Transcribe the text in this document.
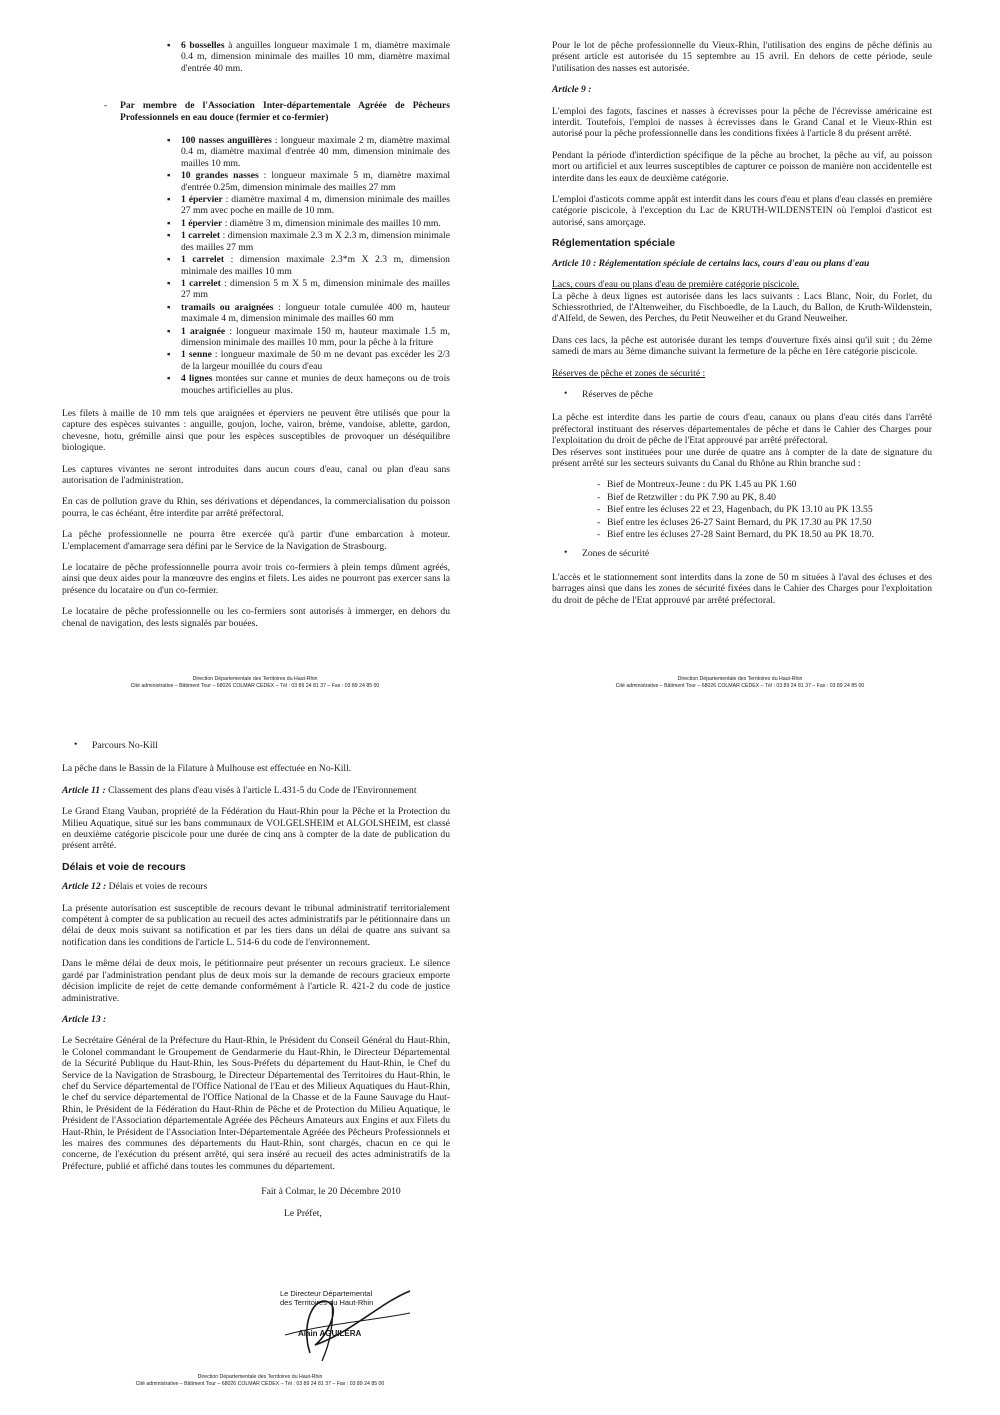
▪ 6 bosselles à anguilles longueur maximale 1 m, diamètre maximale 0.4 m, dimension minimale des mailles 10 mm, diamètre maximal d'entrée 40 mm.
- Par membre de l'Association Inter-départementale Agréée de Pêcheurs Professionnels en eau douce (fermier et co-fermier)
▪ 100 nasses anguillères : longueur maximale 2 m, diamètre maximal 0.4 m, diamètre maximal d'entrée 40 mm, dimension minimale des mailles 10 mm.
▪ 10 grandes nasses : longueur maximale 5 m, diamètre maximal d'entrée 0.25m, dimension minimale des mailles 27 mm
▪ 1 épervier : diamètre maximal 4 m, dimension minimale des mailles 27 mm avec poche en maille de 10 mm.
▪ 1 épervier : diamètre 3 m, dimension minimale des mailles 10 mm.
▪ 1 carrelet : dimension maximale 2.3 m X 2.3 m, dimension minimale des mailles 27 mm
▪ 1 carrelet : dimension maximale 2.3*m X 2.3 m, dimension minimale des mailles 10 mm
▪ 1 carrelet : dimension 5 m X 5 m, dimension minimale des mailles 27 mm
▪ tramails ou araignées : longueur totale cumulée 400 m, hauteur maximale 4 m, dimension minimale des mailles 60 mm
▪ 1 araignée : longueur maximale 150 m, hauteur maximale 1.5 m, dimension minimale des mailles 10 mm, pour la pêche à la friture
▪ 1 senne : longueur maximale de 50 m ne devant pas excéder les 2/3 de la largeur mouillée du cours d'eau
▪ 4 lignes montées sur canne et munies de deux hameçons ou de trois mouches artificielles au plus.

Les filets à maille de 10 mm tels que araignées et éperviers ne peuvent être utilisés que pour la capture des espèces suivantes : anguille, goujon, loche, vairon, brème, vandoise, ablette, gardon, chevesne, hotu, grémille ainsi que pour les espèces susceptibles de provoquer un déséquilibre biologique.

Les captures vivantes ne seront introduites dans aucun cours d'eau, canal ou plan d'eau sans autorisation de l'administration.

En cas de pollution grave du Rhin, ses dérivations et dépendances, la commercialisation du poisson pourra, le cas échéant, être interdite par arrêté préfectoral.

La pêche professionnelle ne pourra être exercée qu'à partir d'une embarcation à moteur. L'emplacement d'amarrage sera défini par le Service de la Navigation de Strasbourg.

Le locataire de pêche professionnelle pourra avoir trois co-fermiers à plein temps dûment agréés, ainsi que deux aides pour la manœuvre des engins et filets. Les aides ne pourront pas exercer sans la présence du locataire ou d'un co-fermier.

Le locataire de pêche professionnelle ou les co-fermiers sont autorisés à immerger, en dehors du chenal de navigation, des lests signalés par bouées.

Direction Départementale des Territoires du Haut-Rhin
Cité administrative – Bâtiment Tour – 68026 COLMAR CEDEX – Tél : 03 89 24 81 37 – Fax : 03 89 24 85 00

Pour le lot de pêche professionnelle du Vieux-Rhin, l'utilisation des engins de pêche définis au présent article est autorisée du 15 septembre au 15 avril. En dehors de cette période, seule l'utilisation des nasses est autorisée.

Article 9 :

L'emploi des fagots, fascines et nasses à écrevisses pour la pêche de l'écrevisse américaine est interdit. Toutefois, l'emploi de nasses à écrevisses dans le Grand Canal et le Vieux-Rhin est autorisé pour la pêche professionnelle dans les conditions fixées à l'article 8 du présent arrêté.

Pendant la période d'interdiction spécifique de la pêche au brochet, la pêche au vif, au poisson mort ou artificiel et aux leurres susceptibles de capturer ce poisson de manière non accidentelle est interdite dans les eaux de deuxième catégorie.

L'emploi d'asticots comme appât est interdit dans les cours d'eau et plans d'eau classés en première catégorie piscicole, à l'exception du Lac de KRUTH-WILDENSTEIN où l'emploi d'asticot est autorisé, sans amorçage.

Réglementation spéciale

Article 10 : Réglementation spéciale de certains lacs, cours d'eau ou plans d'eau

Lacs, cours d'eau ou plans d'eau de première catégorie piscicole.
La pêche à deux lignes est autorisée dans les lacs suivants : Lacs Blanc, Noir, du Forlet, du Schiessrothried, de l'Altenweiher, du Fischboedle, de la Lauch, du Ballon, de Kruth-Wildenstein, d'Alfeld, de Sewen, des Perches, du Petit Neuweiher et du Grand Neuweiher.

Dans ces lacs, la pêche est autorisée durant les temps d'ouverture fixés ainsi qu'il suit ; du 2ème samedi de mars au 3ème dimanche suivant la fermeture de la pêche en 1ère catégorie piscicole.

Réserves de pêche et zones de sécurité :

• Réserves de pêche
La pêche est interdite dans les partie de cours d'eau, canaux ou plans d'eau cités dans l'arrêté préfectoral instituant des réserves départementales de pêche et dans le Cahier des Charges pour l'exploitation du droit de pêche de l'Etat approuvé par arrêté préfectoral.
Des réserves sont instituées pour une durée de quatre ans à compter de la date de signature du présent arrêté sur les secteurs suivants du Canal du Rhône au Rhin branche sud :
- Bief de Montreux-Jeune : du PK 1.45 au PK 1.60
- Bief de Retzwiller : du PK 7.90 au PK, 8.40
- Bief entre les écluses 22 et 23, Hagenbach, du PK 13.10 au PK 13.55
- Bief entre les écluses 26-27 Saint Bernard, du PK 17.30 au PK 17.50
- Bief entre les écluses 27-28 Saint Bernard, du PK 18.50 au PK 18.70.
• Zones de sécurité

L'accès et le stationnement sont interdits dans la zone de 50 m situées à l'aval des écluses et des barrages ainsi que dans les zones de sécurité fixées dans le Cahier des Charges pour l'exploitation du droit de pêche de l'Etat approuvé par arrêté préfectoral.

Direction Départementale des Territoires du Haut-Rhin
Cité administrative – Bâtiment Tour – 68026 COLMAR CEDEX – Tél : 03 89 24 81 37 – Fax : 03 89 24 85 00
• Parcours No-Kill

La pêche dans le Bassin de la Filature à Mulhouse est effectuée en No-Kill.

Article 11 : Classement des plans d'eau visés à l'article L.431-5 du Code de l'Environnement

Le Grand Etang Vauban, propriété de la Fédération du Haut-Rhin pour la Pêche et la Protection du Milieu Aquatique, situé sur les bans communaux de VOLGELSHEIM et ALGOLSHEIM, est classé en deuxième catégorie piscicole pour une durée de cinq ans à compter de la date de publication du présent arrêté.

Délais et voie de recours

Article 12 : Délais et voies de recours

La présente autorisation est susceptible de recours devant le tribunal administratif territorialement compétent à compter de sa publication au recueil des actes administratifs par le pétitionnaire dans un délai de deux mois suivant sa notification et par les tiers dans un délai de quatre ans suivant sa notification dans les conditions de l'article L. 514-6 du code de l'environnement.

Dans le même délai de deux mois, le pétitionnaire peut présenter un recours gracieux. Le silence gardé par l'administration pendant plus de deux mois sur la demande de recours gracieux emporte décision implicite de rejet de cette demande conformément à l'article R. 421-2 du code de justice administrative.

Article 13 :

Le Secrétaire Général de la Préfecture du Haut-Rhin, le Président du Conseil Général du Haut-Rhin, le Colonel commandant le Groupement de Gendarmerie du Haut-Rhin, le Directeur Départemental de la Sécurité Publique du Haut-Rhin, les Sous-Préfets du département du Haut-Rhin, le Chef du Service de la Navigation de Strasbourg, le Directeur Départemental des Territoires du Haut-Rhin, le chef du Service départemental de l'Office National de l'Eau et des Milieux Aquatiques du Haut-Rhin, le chef du service départemental de l'Office National de la Chasse et de la Faune Sauvage du Haut-Rhin, le Président de la Fédération du Haut-Rhin de Pêche et de Protection du Milieu Aquatique, le Président de l'Association départementale Agréée des Pêcheurs Amateurs aux Engins et aux Filets du Haut-Rhin, le Président de l'Association Inter-Départementale Agréée des Pêcheurs Professionnels et les maires des communes des départements du Haut-Rhin, sont chargés, chacun en ce qui le concerne, de l'exécution du présent arrêté, qui sera inséré au recueil des actes administratifs de la Préfecture, publié et affiché dans toutes les communes du département.

Fait à Colmar, le 20 Décembre 2010
Le Préfet,
Le Directeur Départemental
des Territoires du Haut-Rhin
Alain AGUILERA
Direction Départementale des Territoires du Haut-Rhin
Cité administrative – Bâtiment Tour – 68026 COLMAR CEDEX – Tél : 03 89 24 81 37 – Fax : 03 89 24 85 00
